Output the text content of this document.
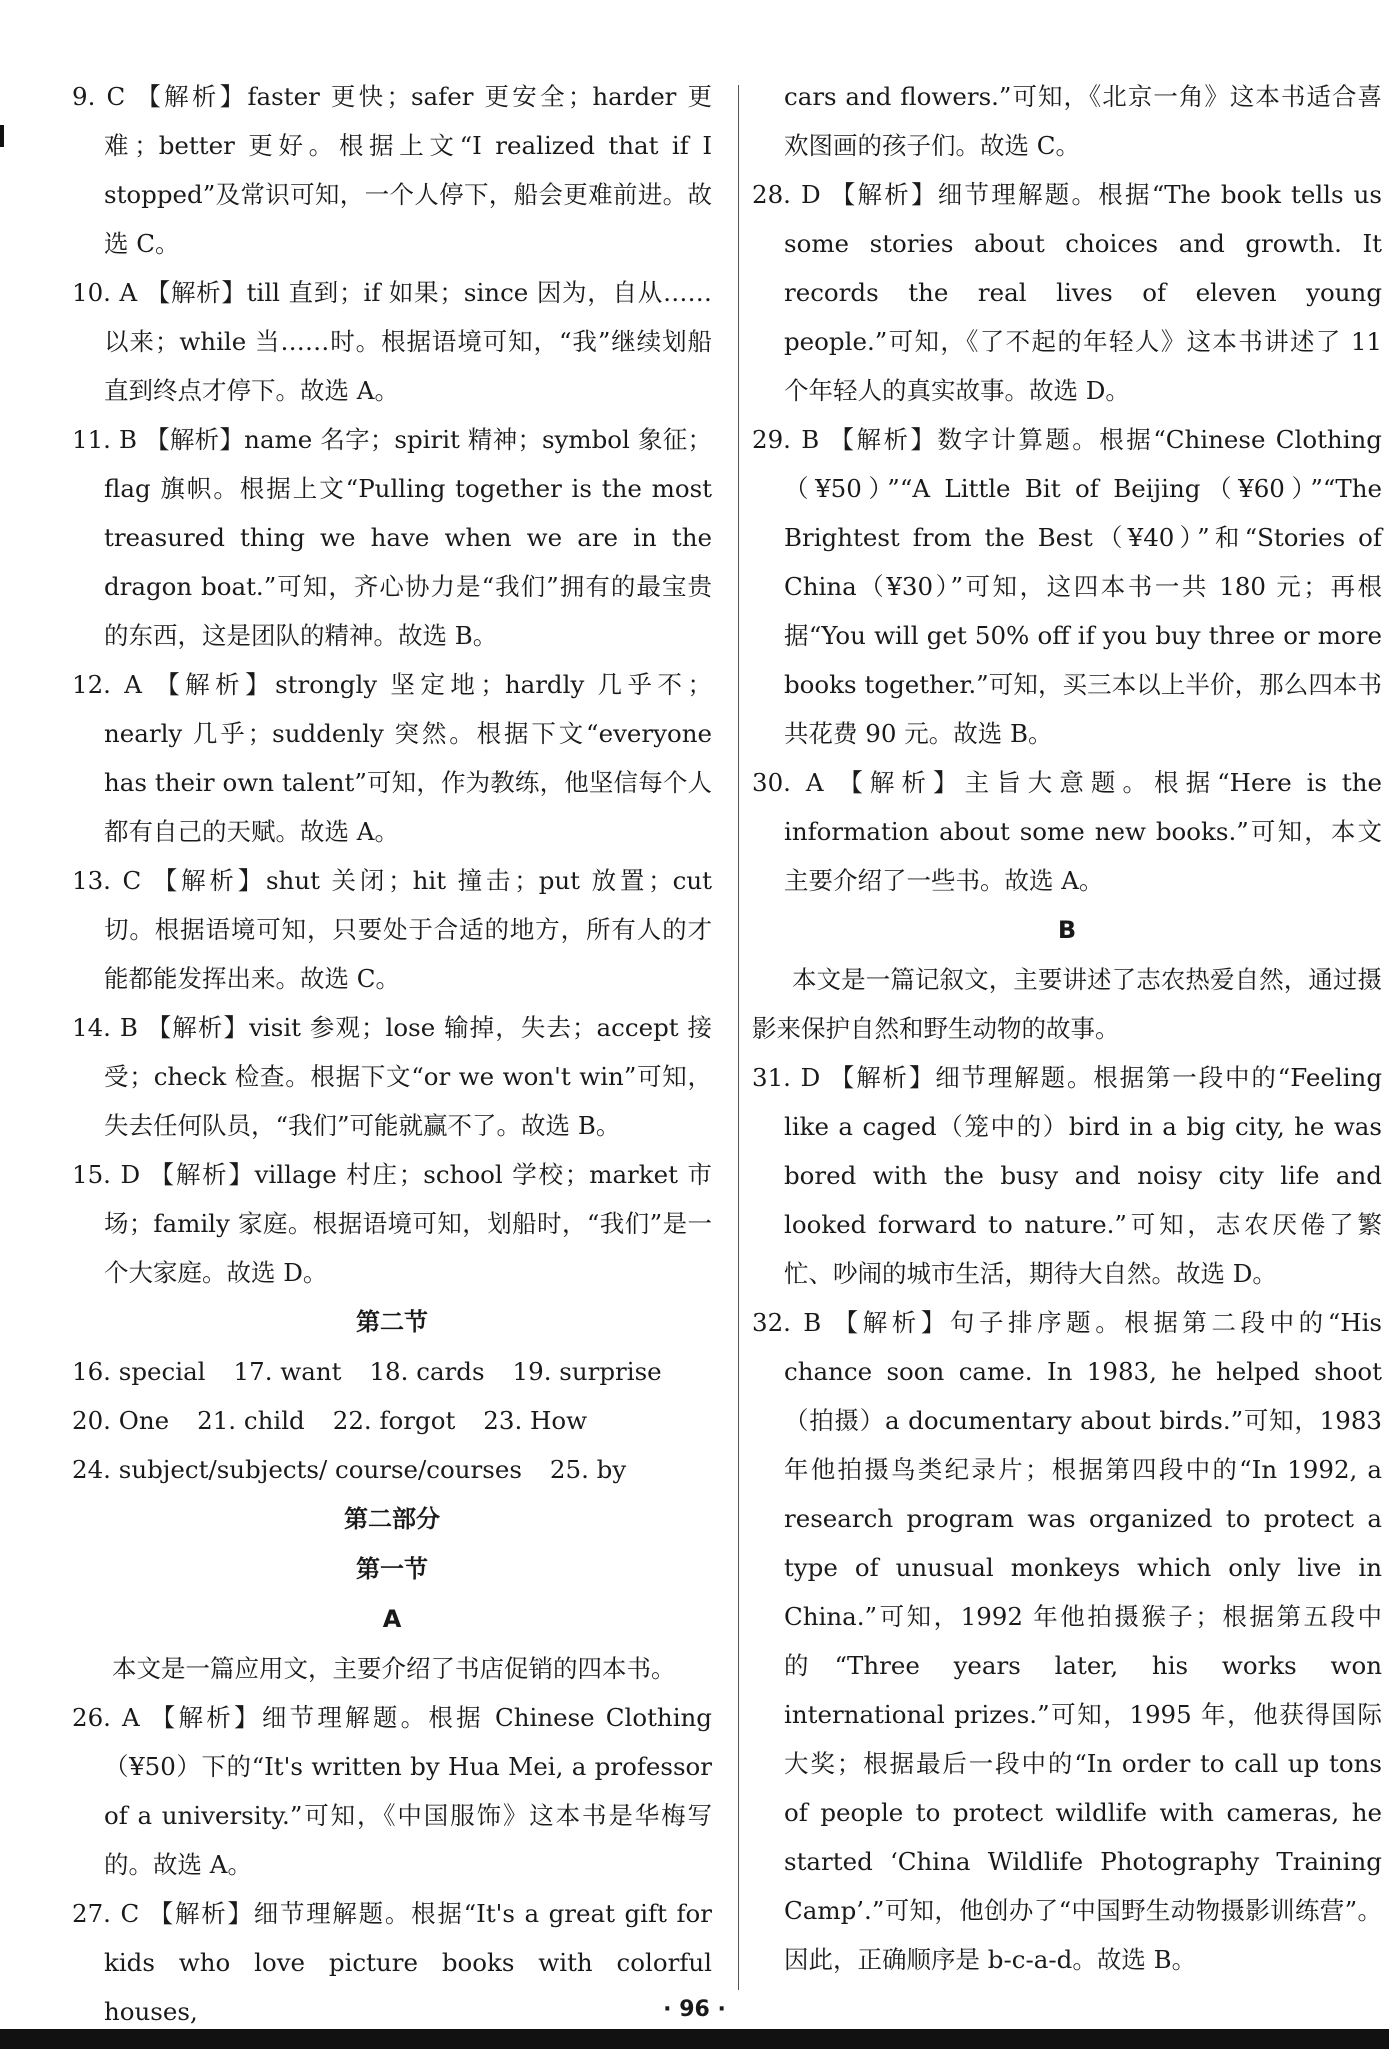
9. C 【解析】faster 更快；safer 更安全；harder 更难；better 更好。根据上文“I realized that if I stopped”及常识可知，一个人停下，船会更难前进。故选 C。

10. A 【解析】till 直到；if 如果；since 因为，自从……以来；while 当……时。根据语境可知，“我”继续划船直到终点才停下。故选 A。

11. B 【解析】name 名字；spirit 精神；symbol 象征；flag 旗帜。根据上文“Pulling together is the most treasured thing we have when we are in the dragon boat.”可知，齐心协力是“我们”拥有的最宝贵的东西，这是团队的精神。故选 B。

12. A 【解析】strongly 坚定地；hardly 几乎不；nearly 几乎；suddenly 突然。根据下文“everyone has their own talent”可知，作为教练，他坚信每个人都有自己的天赋。故选 A。

13. C 【解析】shut 关闭；hit 撞击；put 放置；cut 切。根据语境可知，只要处于合适的地方，所有人的才能都能发挥出来。故选 C。

14. B 【解析】visit 参观；lose 输掉，失去；accept 接受；check 检查。根据下文“or we won't win”可知，失去任何队员，“我们”可能就赢不了。故选 B。

15. D 【解析】village 村庄；school 学校；market 市场；family 家庭。根据语境可知，划船时，“我们”是一个大家庭。故选 D。

第二节

16. special 17. want 18. cards 19. surprise
20. One 21. child 22. forgot 23. How
24. subject/subjects/ course/courses 25. by

第二部分

第一节

A

本文是一篇应用文，主要介绍了书店促销的四本书。

26. A 【解析】细节理解题。根据 Chinese Clothing（¥50）下的“It's written by Hua Mei, a professor of a university.”可知，《中国服饰》这本书是华梅写的。故选 A。

27. C 【解析】细节理解题。根据“It's a great gift for kids who love picture books with colorful houses,

cars and flowers.”可知，《北京一角》这本书适合喜欢图画的孩子们。故选 C。

28. D 【解析】细节理解题。根据“The book tells us some stories about choices and growth. It records the real lives of eleven young people.”可知，《了不起的年轻人》这本书讲述了 11 个年轻人的真实故事。故选 D。

29. B 【解析】数字计算题。根据“Chinese Clothing（¥50）”“A Little Bit of Beijing（¥60）”“The Brightest from the Best（¥40）”和“Stories of China（¥30）”可知，这四本书一共 180 元；再根据“You will get 50% off if you buy three or more books together.”可知，买三本以上半价，那么四本书共花费 90 元。故选 B。

30. A 【解析】主旨大意题。根据“Here is the information about some new books.”可知，本文主要介绍了一些书。故选 A。

B

本文是一篇记叙文，主要讲述了志农热爱自然，通过摄影来保护自然和野生动物的故事。

31. D 【解析】细节理解题。根据第一段中的“Feeling like a caged（笼中的）bird in a big city, he was bored with the busy and noisy city life and looked forward to nature.”可知，志农厌倦了繁忙、吵闹的城市生活，期待大自然。故选 D。

32. B 【解析】句子排序题。根据第二段中的“His chance soon came. In 1983, he helped shoot（拍摄）a documentary about birds.”可知，1983 年他拍摄鸟类纪录片；根据第四段中的“In 1992, a research program was organized to protect a type of unusual monkeys which only live in China.”可知，1992 年他拍摄猴子；根据第五段中的“Three years later, his works won international prizes.”可知，1995 年，他获得国际大奖；根据最后一段中的“In order to call up tons of people to protect wildlife with cameras, he started ‘China Wildlife Photography Training Camp’.”可知，他创办了“中国野生动物摄影训练营”。因此，正确顺序是 b-c-a-d。故选 B。

· 96 ·
